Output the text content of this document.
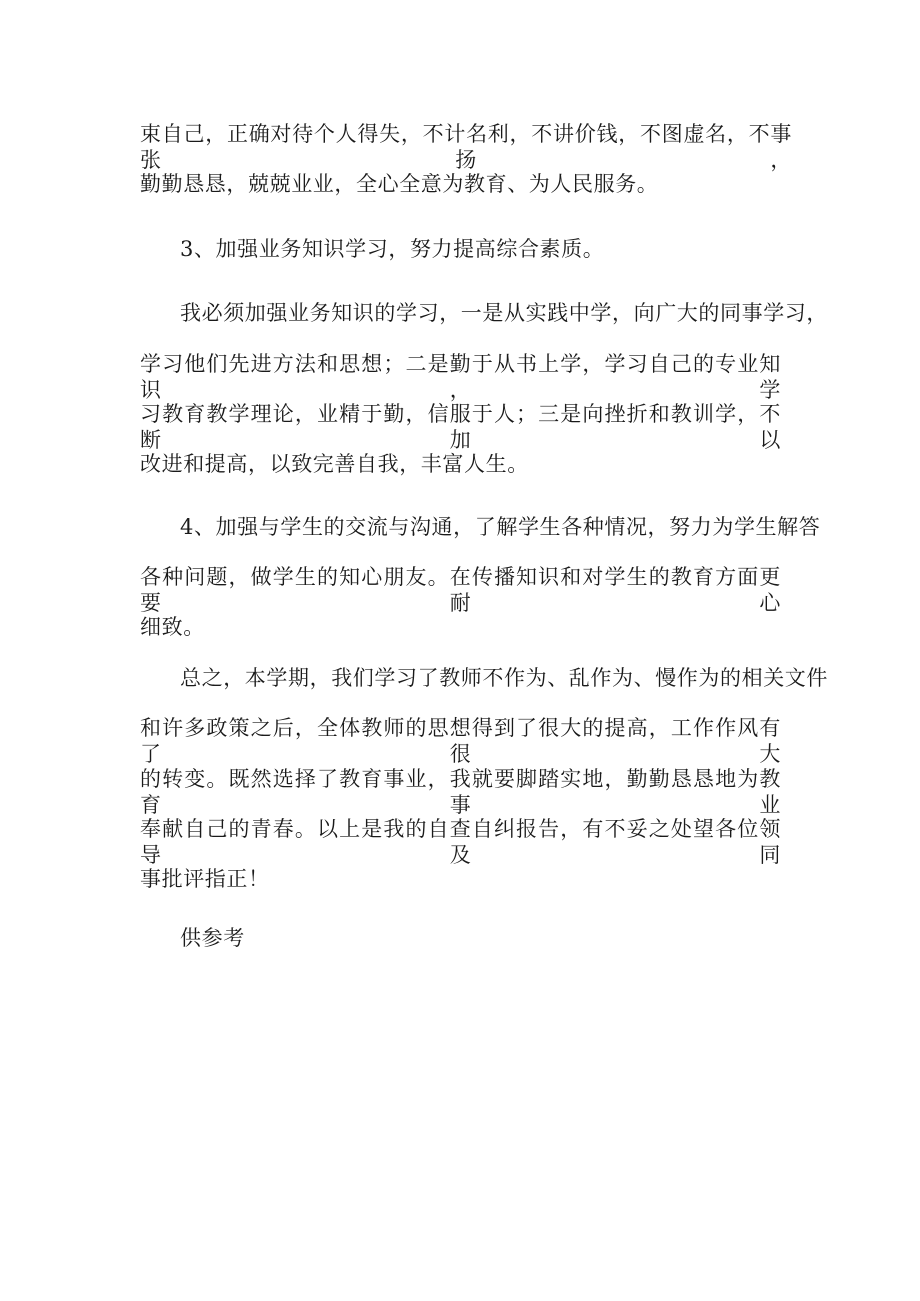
束自己，正确对待个人得失，不计名利，不讲价钱，不图虚名，不事张扬，

勤勤恳恳，兢兢业业，全心全意为教育、为人民服务。

3、加强业务知识学习，努力提高综合素质。

我必须加强业务知识的学习，一是从实践中学，向广大的同事学习，

学习他们先进方法和思想；二是勤于从书上学，学习自己的专业知识，学

习教育教学理论，业精于勤，信服于人；三是向挫折和教训学，不断加以

改进和提高，以致完善自我，丰富人生。

4、加强与学生的交流与沟通，了解学生各种情况，努力为学生解答

各种问题，做学生的知心朋友。在传播知识和对学生的教育方面更要耐心

细致。

总之，本学期，我们学习了教师不作为、乱作为、慢作为的相关文件

和许多政策之后，全体教师的思想得到了很大的提高，工作作风有了很大

的转变。既然选择了教育事业，我就要脚踏实地，勤勤恳恳地为教育事业

奉献自己的青春。以上是我的自查自纠报告，有不妥之处望各位领导及同

事批评指正！

供参考
